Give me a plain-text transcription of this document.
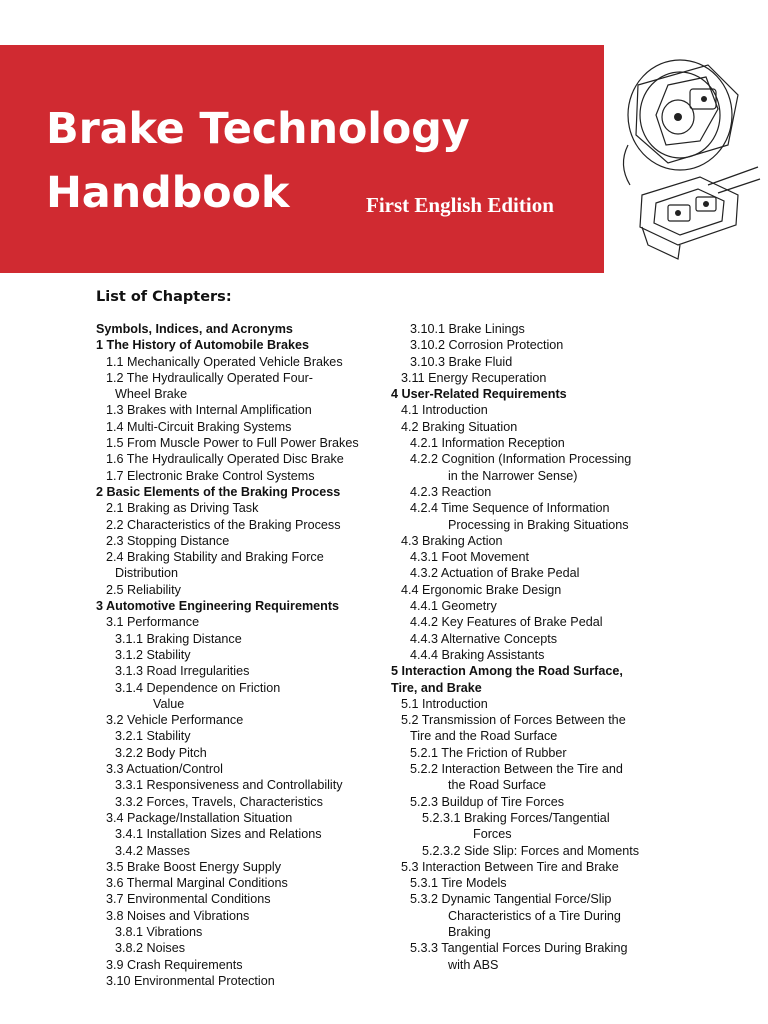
Brake Technology
Handbook	First English Edition
List of Chapters:
Symbols, Indices, and Acronyms
1 The History of Automobile Brakes
1.1 Mechanically Operated Vehicle Brakes
1.2 The Hydraulically Operated Four-
Wheel Brake
1.3 Brakes with Internal Amplification
1.4 Multi-Circuit Braking Systems
1.5 From Muscle Power to Full Power Brakes
1.6 The Hydraulically Operated Disc Brake
1.7 Electronic Brake Control Systems
2 Basic Elements of the Braking Process
2.1 Braking as Driving Task
2.2 Characteristics of the Braking Process
2.3 Stopping Distance
2.4 Braking Stability and Braking Force
Distribution
2.5 Reliability
3 Automotive Engineering Requirements
3.1 Performance
3.1.1 Braking Distance
3.1.2 Stability
3.1.3 Road Irregularities
3.1.4 Dependence on Friction
Value
3.2 Vehicle Performance
3.2.1 Stability
3.2.2 Body Pitch
3.3 Actuation/Control
3.3.1 Responsiveness and Controllability
3.3.2 Forces, Travels, Characteristics
3.4 Package/Installation Situation
3.4.1 Installation Sizes and Relations
3.4.2 Masses
3.5 Brake Boost Energy Supply
3.6 Thermal Marginal Conditions
3.7 Environmental Conditions
3.8 Noises and Vibrations
3.8.1 Vibrations
3.8.2 Noises
3.9 Crash Requirements
3.10 Environmental Protection
3.10.1 Brake Linings
3.10.2 Corrosion Protection
3.10.3 Brake Fluid
3.11 Energy Recuperation
4 User-Related Requirements
4.1 Introduction
4.2 Braking Situation
4.2.1 Information Reception
4.2.2 Cognition (Information Processing
in the Narrower Sense)
4.2.3 Reaction
4.2.4 Time Sequence of Information
Processing in Braking Situations
4.3 Braking Action
4.3.1 Foot Movement
4.3.2 Actuation of Brake Pedal
4.4 Ergonomic Brake Design
4.4.1 Geometry
4.4.2 Key Features of Brake Pedal
4.4.3 Alternative Concepts
4.4.4 Braking Assistants
5 Interaction Among the Road Surface,
Tire, and Brake
5.1 Introduction
5.2 Transmission of Forces Between the
Tire and the Road Surface
5.2.1 The Friction of Rubber
5.2.2 Interaction Between the Tire and
the Road Surface
5.2.3 Buildup of Tire Forces
5.2.3.1 Braking Forces/Tangential
Forces
5.2.3.2 Side Slip: Forces and Moments
5.3 Interaction Between Tire and Brake
5.3.1 Tire Models
5.3.2 Dynamic Tangential Force/Slip
Characteristics of a Tire During
Braking
5.3.3 Tangential Forces During Braking
with ABS
